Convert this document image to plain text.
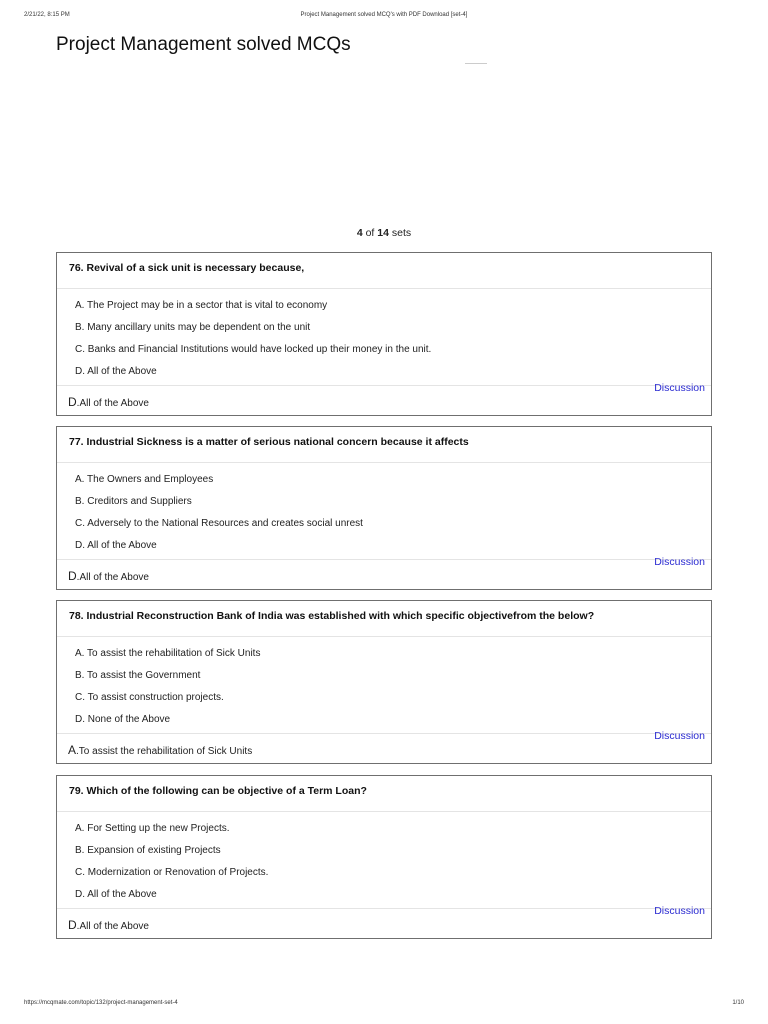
2/21/22, 8:15 PM	Project Management solved MCQ's with PDF Download [set-4]
Project Management solved MCQs
4 of 14 sets
76. Revival of a sick unit is necessary because,
A. The Project may be in a sector that is vital to economy
B. Many ancillary units may be dependent on the unit
C. Banks and Financial Institutions would have locked up their money in the unit.
D. All of the Above
D.All of the Above
Discussion
77. Industrial Sickness is a matter of serious national concern because it affects
A. The Owners and Employees
B. Creditors and Suppliers
C. Adversely to the National Resources and creates social unrest
D. All of the Above
D.All of the Above
Discussion
78. Industrial Reconstruction Bank of India was established with which specific objectivefrom the below?
A. To assist the rehabilitation of Sick Units
B. To assist the Government
C. To assist construction projects.
D. None of the Above
A.To assist the rehabilitation of Sick Units
Discussion
79. Which of the following can be objective of a Term Loan?
A. For Setting up the new Projects.
B. Expansion of existing Projects
C. Modernization or Renovation of Projects.
D. All of the Above
D.All of the Above
Discussion
https://mcqmate.com/topic/132/project-management-set-4	1/10
